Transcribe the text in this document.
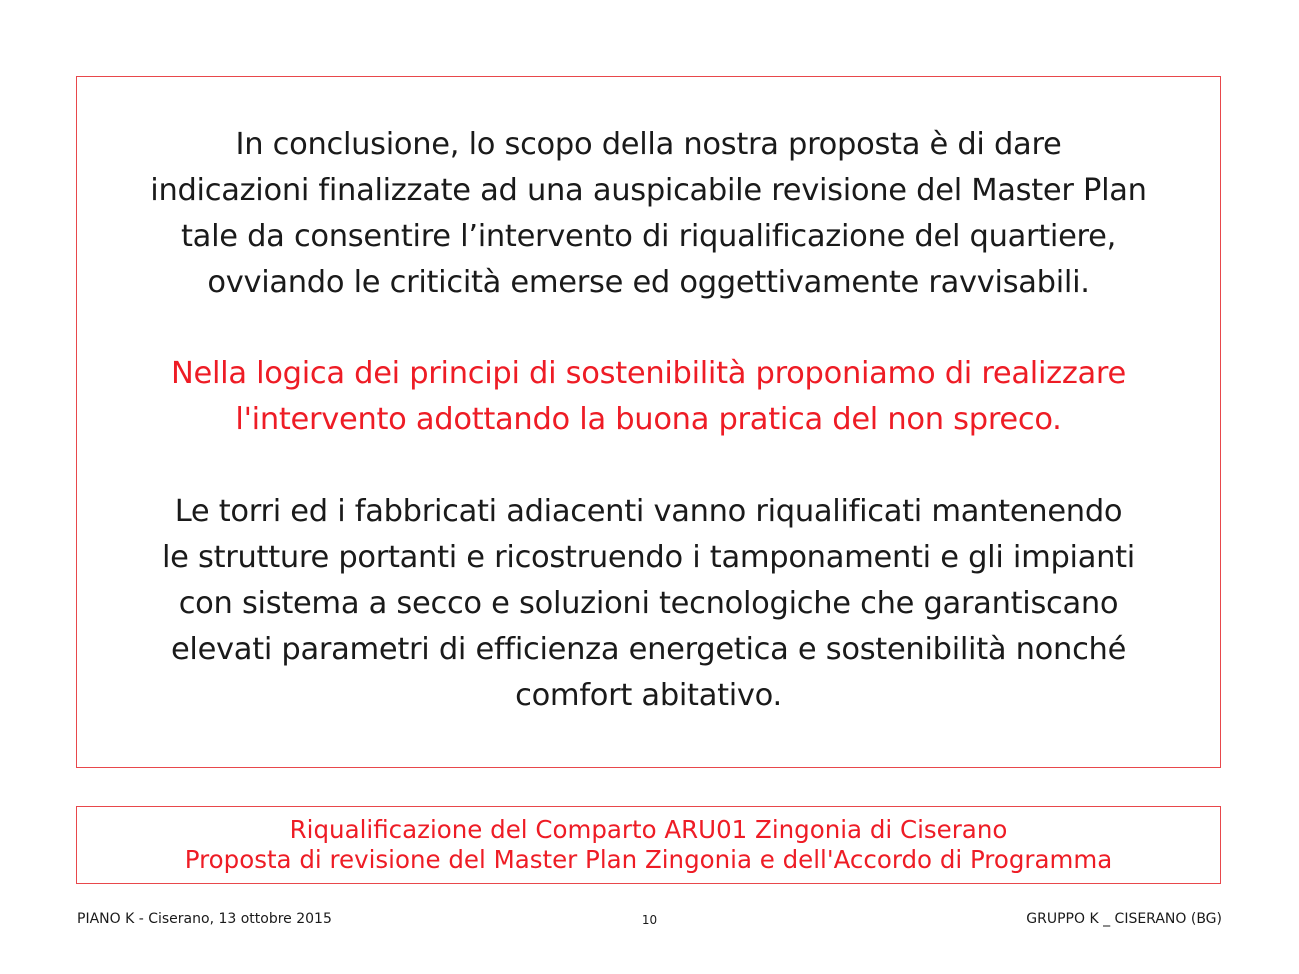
In conclusione, lo scopo della nostra proposta è di dare
indicazioni finalizzate ad una auspicabile revisione del Master Plan
tale da consentire l’intervento di riqualificazione del quartiere,
ovviando le criticità emerse ed oggettivamente ravvisabili.

Nella logica dei principi di sostenibilità proponiamo di realizzare
l'intervento adottando la buona pratica del non spreco.

Le torri ed i fabbricati adiacenti vanno riqualificati mantenendo
le strutture portanti e ricostruendo i tamponamenti e gli impianti
con sistema a secco e soluzioni tecnologiche che garantiscano
elevati parametri di efficienza energetica e sostenibilità nonché
comfort abitativo.

Riqualificazione del Comparto ARU01 Zingonia di Ciserano
Proposta di revisione del Master Plan Zingonia e dell'Accordo di Programma
PIANO K - Ciserano, 13 ottobre 2015	10	GRUPPO K _ CISERANO (BG)
